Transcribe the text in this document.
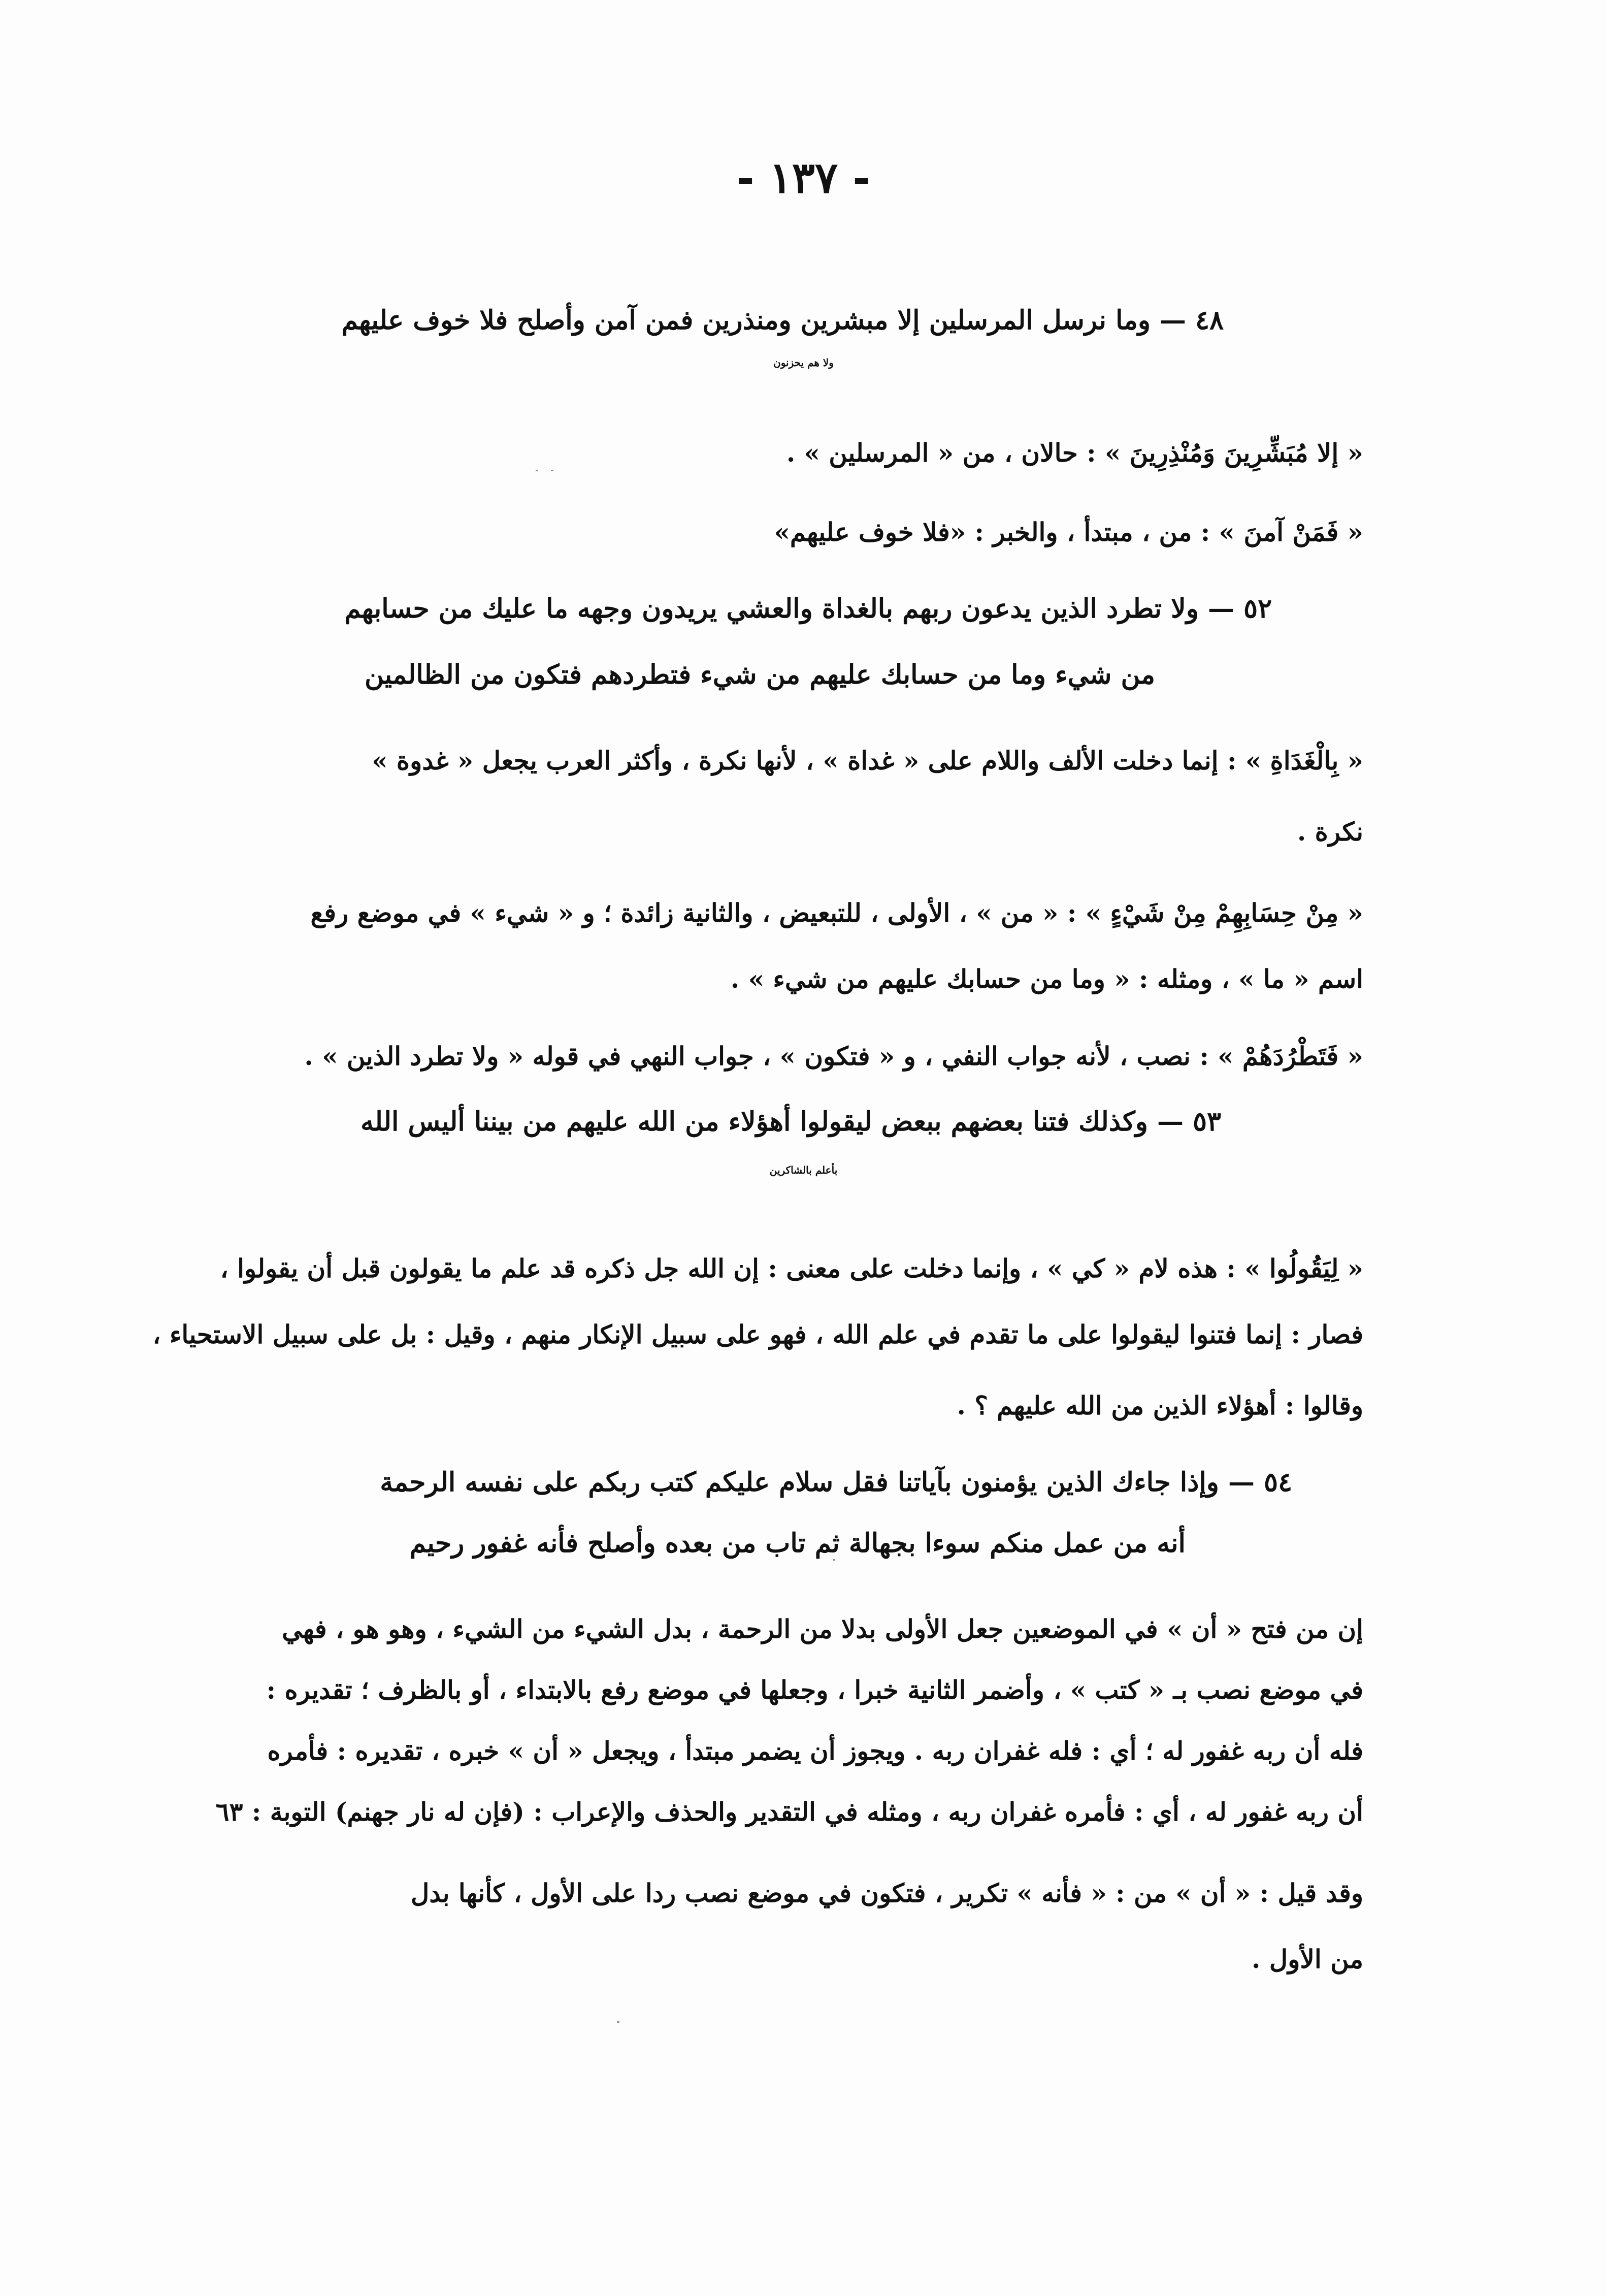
- ١٣٧ -
٤٨ — وما نرسل المرسلين إلا مبشرين ومنذرين فمن آمن وأصلح فلا خوف عليهم
ولا هم يحزنون
« إلا مُبَشِّرِينَ وَمُنْذِرِينَ » : حالان ، من « المرسلين » .
« فَمَنْ آمنَ » : من ، مبتدأ ، والخبر : «فلا خوف عليهم»
٥٢ — ولا تطرد الذين يدعون ربهم بالغداة والعشي يريدون وجهه ما عليك من حسابهم
من شيء وما من حسابك عليهم من شيء فتطردهم فتكون من الظالمين
« بِالْغَدَاةِ » : إنما دخلت الألف واللام على « غداة » ، لأنها نكرة ، وأكثر العرب يجعل « غدوة »
نكرة .
« مِنْ حِسَابِهِمْ مِنْ شَيْءٍ » : « من » ، الأولى ، للتبعيض ، والثانية زائدة ؛ و « شيء » في موضع رفع
اسم « ما » ، ومثله : « وما من حسابك عليهم من شيء » .
« فَتَطْرُدَهُمْ » : نصب ، لأنه جواب النفي ، و « فتكون » ، جواب النهي في قوله « ولا تطرد الذين » .
٥٣ — وكذلك فتنا بعضهم ببعض ليقولوا أهؤلاء من الله عليهم من بيننا أليس الله
بأعلم بالشاكرين
« لِيَقُولُوا » : هذه لام « كي » ، وإنما دخلت على معنى : إن الله جل ذكره قد علم ما يقولون قبل أن يقولوا ،
فصار : إنما فتنوا ليقولوا على ما تقدم في علم الله ، فهو على سبيل الإنكار منهم ، وقيل : بل على سبيل الاستحياء ،
وقالوا : أهؤلاء الذين من الله عليهم ؟ .
٥٤ — وإذا جاءك الذين يؤمنون بآياتنا فقل سلام عليكم كتب ربكم على نفسه الرحمة
أنه من عمل منكم سوءا بجهالة ثم تاب من بعده وأصلح فأنه غفور رحيم
إن من فتح « أن » في الموضعين جعل الأولى بدلا من الرحمة ، بدل الشيء من الشيء ، وهو هو ، فهي
في موضع نصب بـ « كتب » ، وأضمر الثانية خبرا ، وجعلها في موضع رفع بالابتداء ، أو بالظرف ؛ تقديره :
فله أن ربه غفور له ؛ أي : فله غفران ربه . ويجوز أن يضمر مبتدأ ، ويجعل « أن » خبره ، تقديره : فأمره
أن ربه غفور له ، أي : فأمره غفران ربه ، ومثله في التقدير والحذف والإعراب : (فإن له نار جهنم) التوبة : ٦٣
وقد قيل : « أن » من : « فأنه » تكرير ، فتكون في موضع نصب ردا على الأول ، كأنها بدل
من الأول .
